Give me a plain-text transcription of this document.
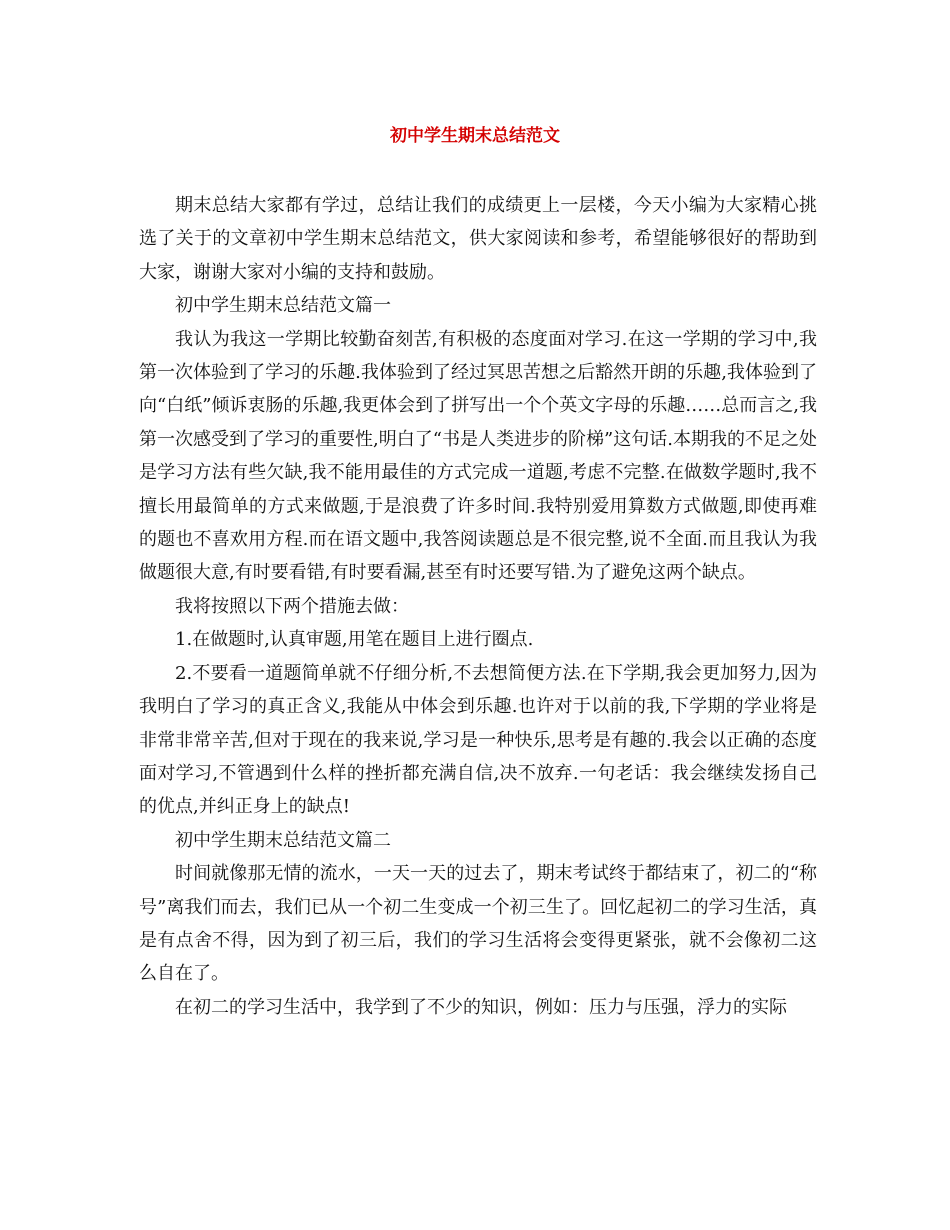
初中学生期末总结范文

期末总结大家都有学过，总结让我们的成绩更上一层楼，今天小编为大家精心挑选了关于的文章初中学生期末总结范文，供大家阅读和参考，希望能够很好的帮助到大家，谢谢大家对小编的支持和鼓励。

初中学生期末总结范文篇一

我认为我这一学期比较勤奋刻苦,有积极的态度面对学习.在这一学期的学习中,我第一次体验到了学习的乐趣.我体验到了经过冥思苦想之后豁然开朗的乐趣,我体验到了向“白纸”倾诉衷肠的乐趣,我更体会到了拼写出一个个英文字母的乐趣……总而言之,我第一次感受到了学习的重要性,明白了“书是人类进步的阶梯”这句话.本期我的不足之处是学习方法有些欠缺,我不能用最佳的方式完成一道题,考虑不完整.在做数学题时,我不擅长用最简单的方式来做题,于是浪费了许多时间.我特别爱用算数方式做题,即使再难的题也不喜欢用方程.而在语文题中,我答阅读题总是不很完整,说不全面.而且我认为我做题很大意,有时要看错,有时要看漏,甚至有时还要写错.为了避免这两个缺点。

我将按照以下两个措施去做：

1.在做题时,认真审题,用笔在题目上进行圈点.

2.不要看一道题简单就不仔细分析,不去想简便方法.在下学期,我会更加努力,因为我明白了学习的真正含义,我能从中体会到乐趣.也许对于以前的我,下学期的学业将是非常非常辛苦,但对于现在的我来说,学习是一种快乐,思考是有趣的.我会以正确的态度面对学习,不管遇到什么样的挫折都充满自信,决不放弃.一句老话：我会继续发扬自己的优点,并纠正身上的缺点!

初中学生期末总结范文篇二

时间就像那无情的流水，一天一天的过去了，期末考试终于都结束了，初二的“称号”离我们而去，我们已从一个初二生变成一个初三生了。回忆起初二的学习生活，真是有点舍不得，因为到了初三后，我们的学习生活将会变得更紧张，就不会像初二这么自在了。

在初二的学习生活中，我学到了不少的知识，例如：压力与压强，浮力的实际
